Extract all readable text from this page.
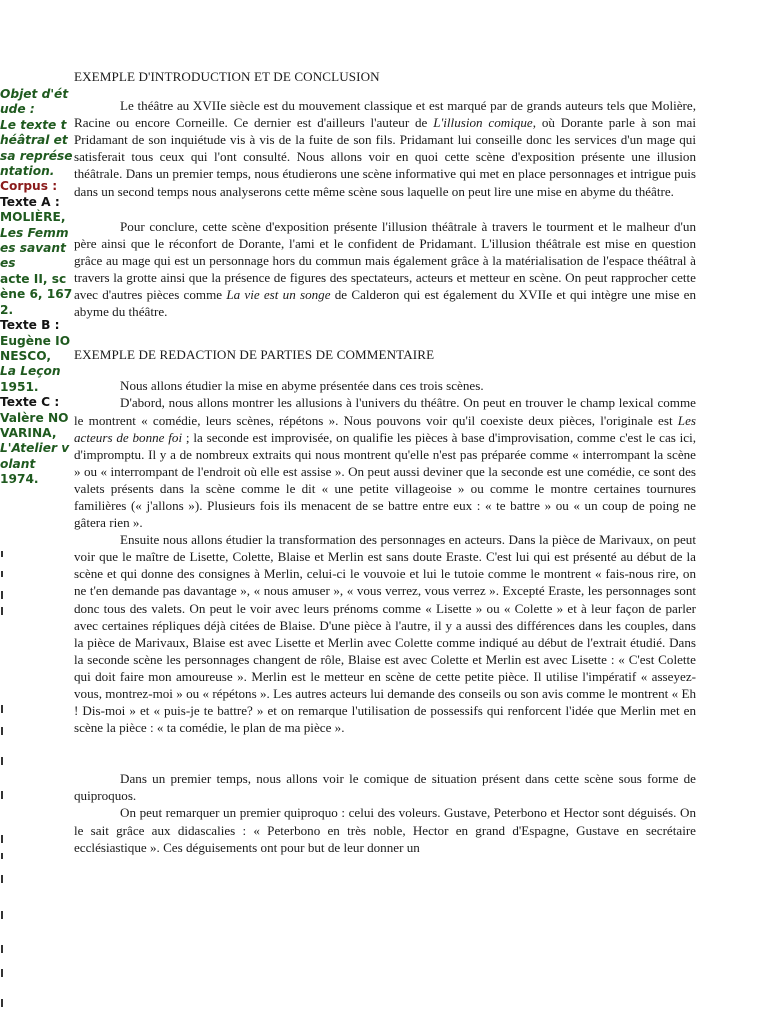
Objet d'étude :
Le texte théâtral et sa représentation.
Corpus :
Texte A :
MOLIÈRE,
Les Femmes savantes
acte II, scène 6, 1672.
Texte B :
Eugène IONESCO,
La Leçon
1951.
Texte C :
Valère NOVARINA,
L'Atelier volant
1974.
EXEMPLE D'INTRODUCTION ET DE CONCLUSION

Le théâtre au XVIIe siècle est du mouvement classique et est marqué par de grands auteurs tels que Molière, Racine ou encore Corneille. Ce dernier est d'ailleurs l'auteur de L'illusion comique, où Dorante parle à son mai Pridamant de son inquiétude vis à vis de la fuite de son fils. Pridamant lui conseille donc les services d'un mage qui satisferait tous ceux qui l'ont consulté. Nous allons voir en quoi cette scène d'exposition présente une illusion théâtrale. Dans un premier temps, nous étudierons une scène informative qui met en place personnages et intrigue puis dans un second temps nous analyserons cette même scène sous laquelle on peut lire une mise en abyme du théâtre.

Pour conclure, cette scène d'exposition présente l'illusion théâtrale à travers le tourment et le malheur d'un père ainsi que le réconfort de Dorante, l'ami et le confident de Pridamant. L'illusion théâtrale est mise en question grâce au mage qui est un personnage hors du commun mais également grâce à la matérialisation de l'espace théâtral à travers la grotte ainsi que la présence de figures des spectateurs, acteurs et metteur en scène. On peut rapprocher cette avec d'autres pièces comme La vie est un songe de Calderon qui est également du XVIIe et qui intègre une mise en abyme du théâtre.

EXEMPLE DE REDACTION DE PARTIES DE COMMENTAIRE

Nous allons étudier la mise en abyme présentée dans ces trois scènes.

D'abord, nous allons montrer les allusions à l'univers du théâtre. On peut en trouver le champ lexical comme le montrent « comédie, leurs scènes, répétons ». Nous pouvons voir qu'il coexiste deux pièces, l'originale est Les acteurs de bonne foi ; la seconde est improvisée, on qualifie les pièces à base d'improvisation, comme c'est le cas ici, d'impromptu. Il y a de nombreux extraits qui nous montrent qu'elle n'est pas préparée comme « interrompant la scène » ou « interrompant de l'endroit où elle est assise ». On peut aussi deviner que la seconde est une comédie, ce sont des valets présents dans la scène comme le dit « une petite villageoise » ou comme le montre certaines tournures familières (« j'allons »). Plusieurs fois ils menacent de se battre entre eux : « te battre » ou « un coup de poing ne gâtera rien ».

Ensuite nous allons étudier la transformation des personnages en acteurs. Dans la pièce de Marivaux, on peut voir que le maître de Lisette, Colette, Blaise et Merlin est sans doute Eraste. C'est lui qui est présenté au début de la scène et qui donne des consignes à Merlin, celui-ci le vouvoie et lui le tutoie comme le montrent « fais-nous rire, on ne t'en demande pas davantage », « nous amuser », « vous verrez, vous verrez ». Excepté Eraste, les personnages sont donc tous des valets. On peut le voir avec leurs prénoms comme « Lisette » ou « Colette » et à leur façon de parler avec certaines répliques déjà citées de Blaise. D'une pièce à l'autre, il y a aussi des différences dans les couples, dans la pièce de Marivaux, Blaise est avec Lisette et Merlin avec Colette comme indiqué au début de l'extrait étudié. Dans la seconde scène les personnages changent de rôle, Blaise est avec Colette et Merlin est avec Lisette : « C'est Colette qui doit faire mon amoureuse ». Merlin est le metteur en scène de cette petite pièce. Il utilise l'impératif « asseyez-vous, montrez-moi » ou « répétons ». Les autres acteurs lui demande des conseils ou son avis comme le montrent « Eh ! Dis-moi » et « puis-je te battre? » et on remarque l'utilisation de possessifs qui renforcent l'idée que Merlin met en scène la pièce : « ta comédie, le plan de ma pièce ».

Dans un premier temps, nous allons voir le comique de situation présent dans cette scène sous forme de quiproquos.

On peut remarquer un premier quiproquo : celui des voleurs. Gustave, Peterbono et Hector sont déguisés. On le sait grâce aux didascalies : « Peterbono en très noble, Hector en grand d'Espagne, Gustave en secrétaire ecclésiastique ». Ces déguisements ont pour but de leur donner un
